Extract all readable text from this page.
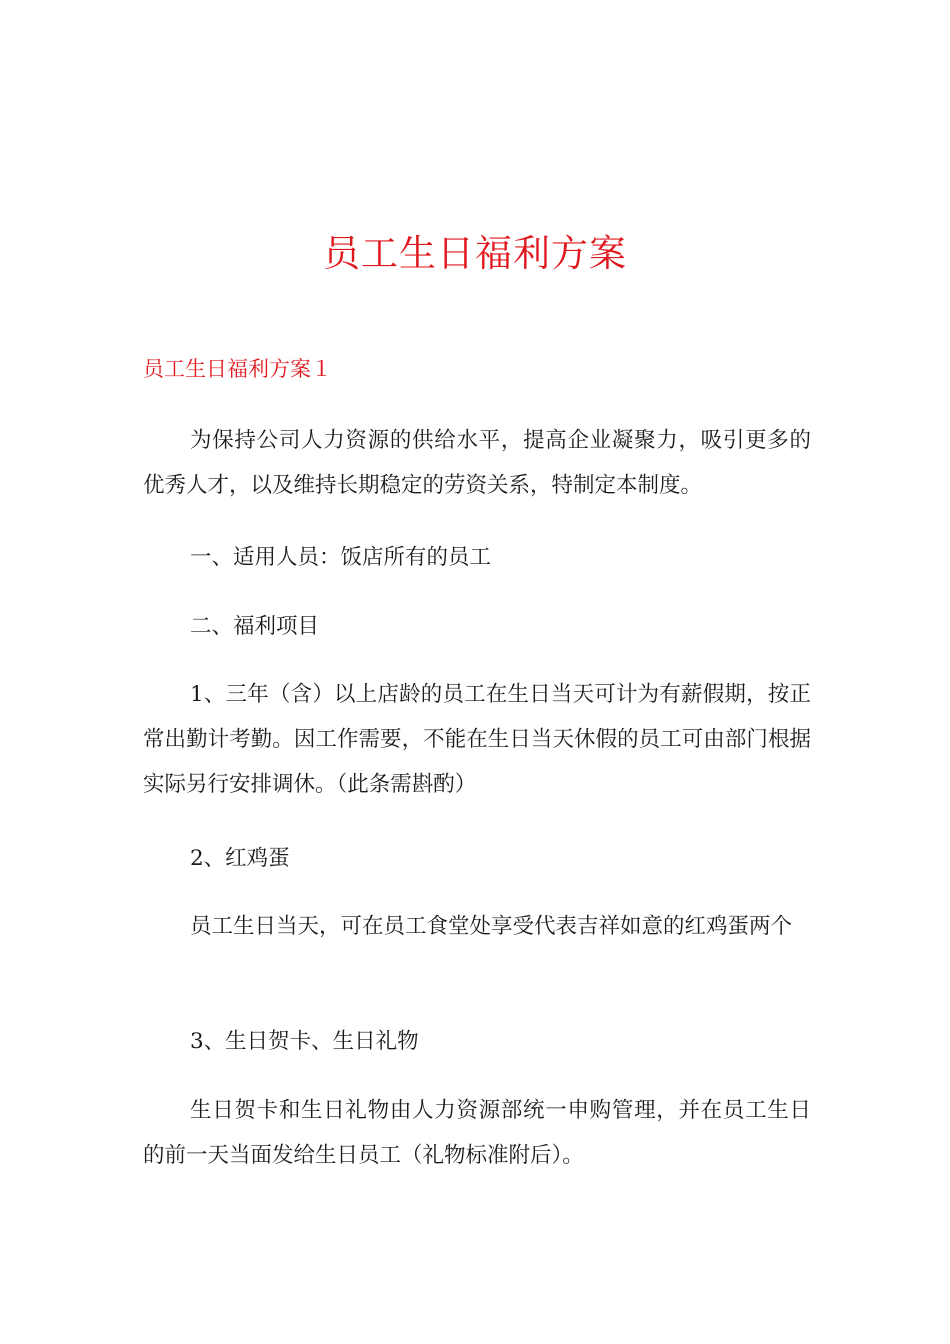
员工生日福利方案
员工生日福利方案１

为保持公司人力资源的供给水平，提高企业凝聚力，吸引更多的优秀人才，以及维持长期稳定的劳资关系，特制定本制度。

一、适用人员：饭店所有的员工

二、福利项目

1、三年（含）以上店龄的员工在生日当天可计为有薪假期，按正常出勤计考勤。因工作需要，不能在生日当天休假的员工可由部门根据实际另行安排调休。（此条需斟酌）

2、红鸡蛋

员工生日当天，可在员工食堂处享受代表吉祥如意的红鸡蛋两个

3、生日贺卡、生日礼物

生日贺卡和生日礼物由人力资源部统一申购管理，并在员工生日的前一天当面发给生日员工（礼物标准附后）。
